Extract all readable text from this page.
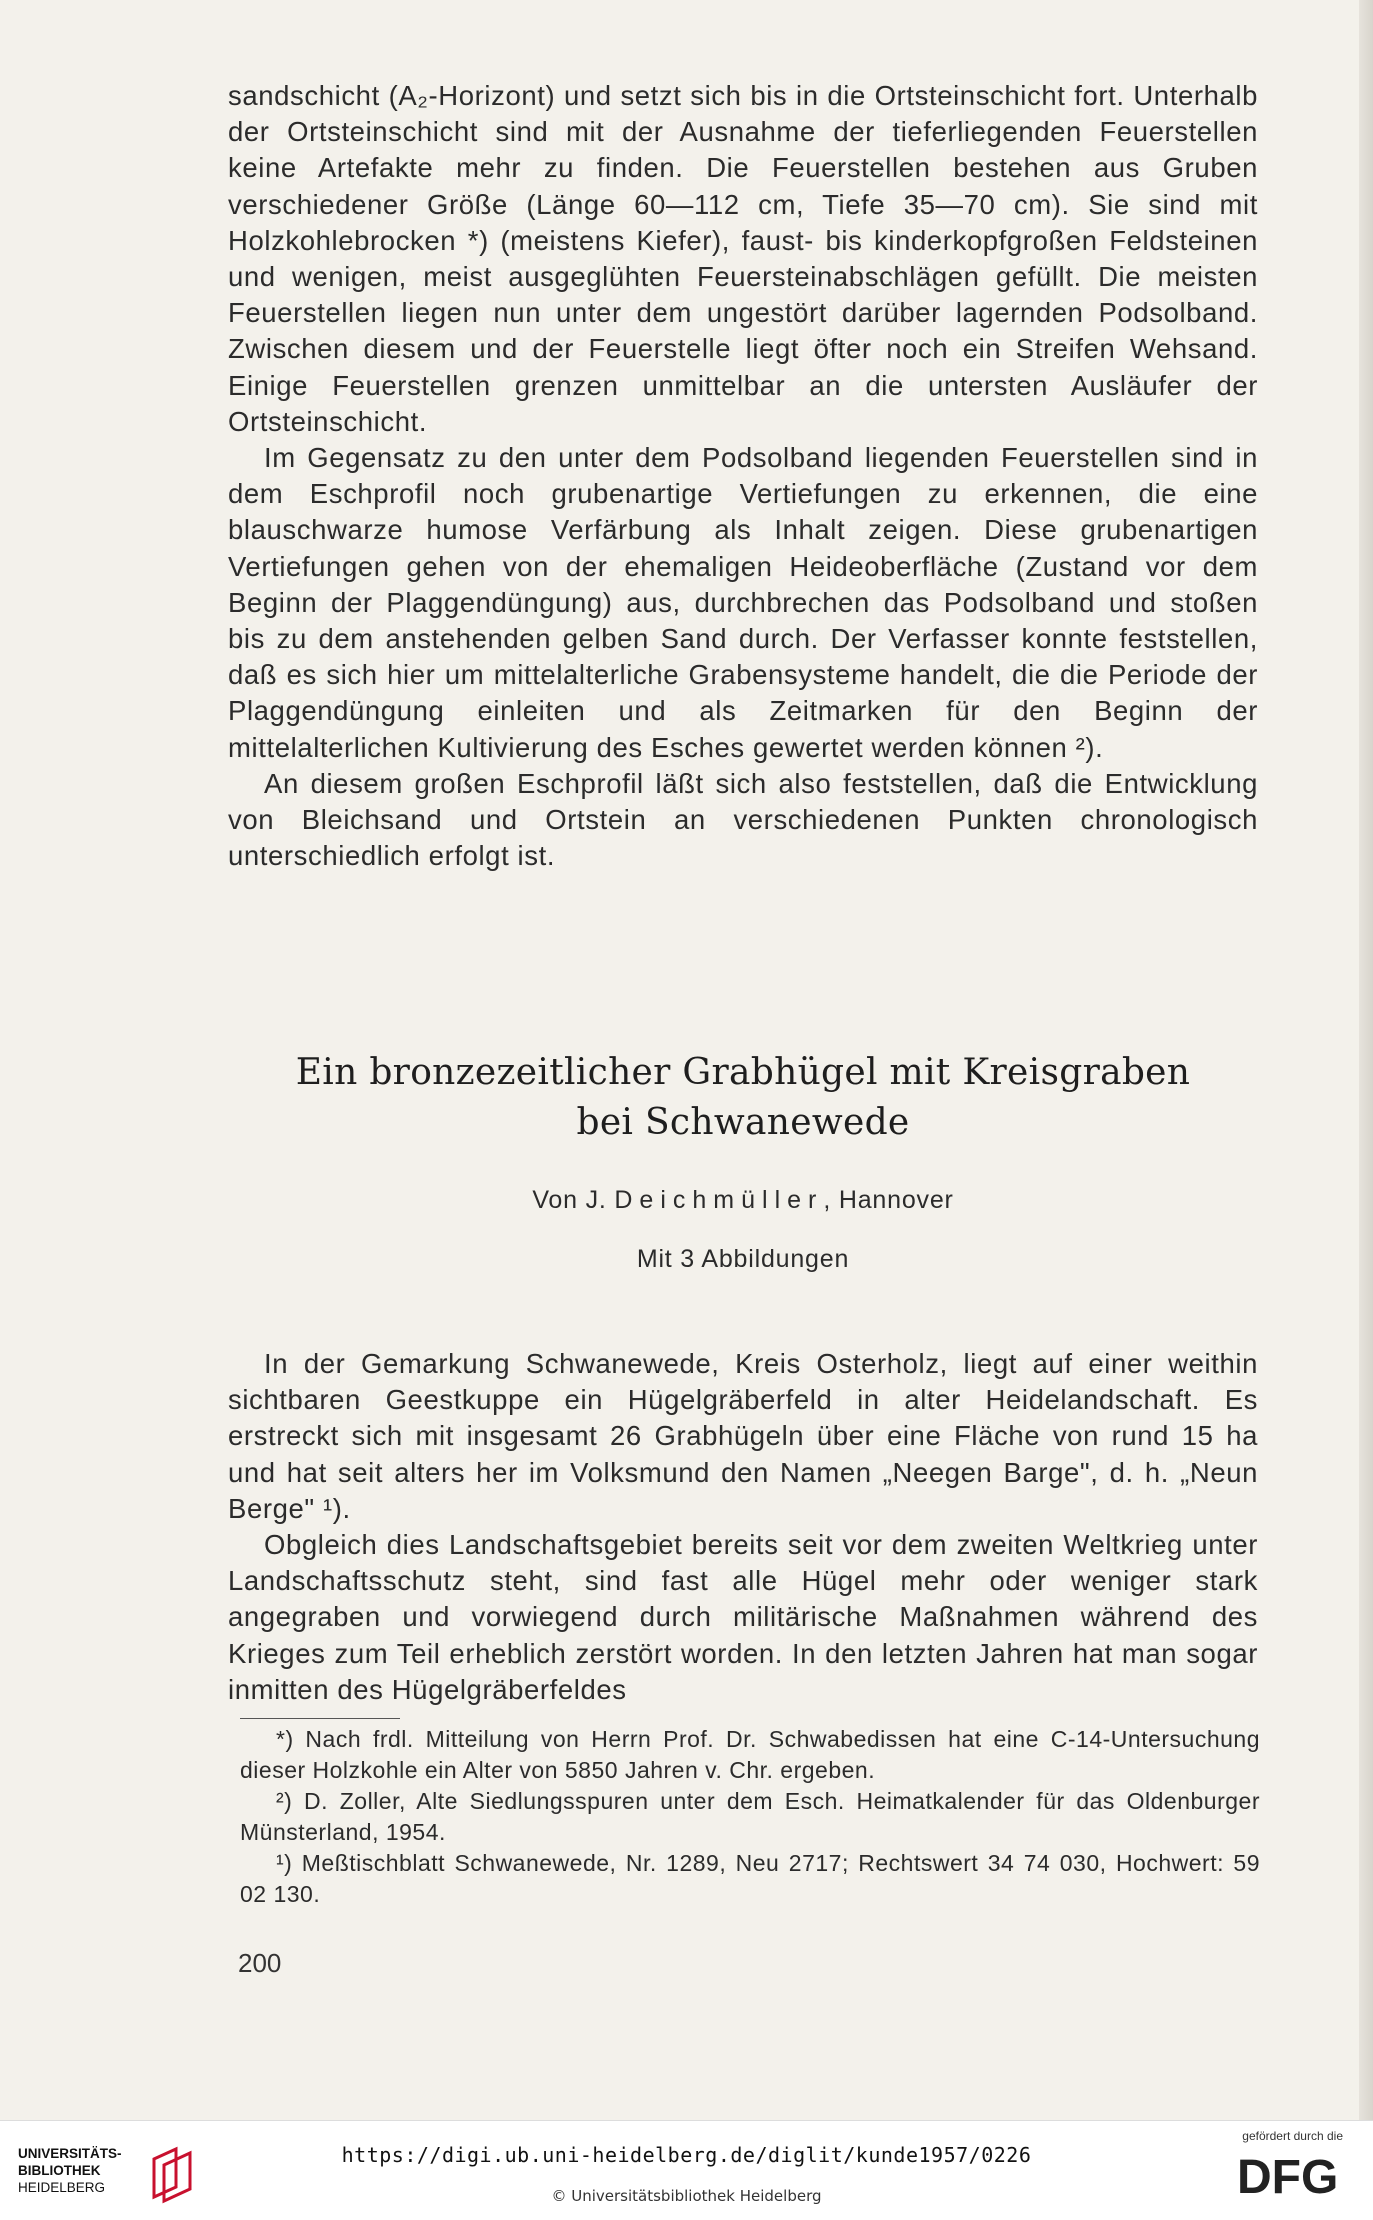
sandschicht (A₂-Horizont) und setzt sich bis in die Ortsteinschicht fort. Unterhalb der Ortsteinschicht sind mit der Ausnahme der tieferliegenden Feuerstellen keine Artefakte mehr zu finden. Die Feuerstellen bestehen aus Gruben verschiedener Größe (Länge 60—112 cm, Tiefe 35—70 cm). Sie sind mit Holzkohlebrocken *) (meistens Kiefer), faust- bis kinderkopfgroßen Feldsteinen und wenigen, meist ausgeglühten Feuersteinabschlägen gefüllt. Die meisten Feuerstellen liegen nun unter dem ungestört darüber lagernden Podsolband. Zwischen diesem und der Feuerstelle liegt öfter noch ein Streifen Wehsand. Einige Feuerstellen grenzen unmittelbar an die untersten Ausläufer der Ortsteinschicht.

Im Gegensatz zu den unter dem Podsolband liegenden Feuerstellen sind in dem Eschprofil noch grubenartige Vertiefungen zu erkennen, die eine blauschwarze humose Verfärbung als Inhalt zeigen. Diese grubenartigen Vertiefungen gehen von der ehemaligen Heideoberfläche (Zustand vor dem Beginn der Plaggendüngung) aus, durchbrechen das Podsolband und stoßen bis zu dem anstehenden gelben Sand durch. Der Verfasser konnte feststellen, daß es sich hier um mittelalterliche Grabensysteme handelt, die die Periode der Plaggendüngung einleiten und als Zeitmarken für den Beginn der mittelalterlichen Kultivierung des Esches gewertet werden können ²).

An diesem großen Eschprofil läßt sich also feststellen, daß die Entwicklung von Bleichsand und Ortstein an verschiedenen Punkten chronologisch unterschiedlich erfolgt ist.

Ein bronzezeitlicher Grabhügel mit Kreisgraben

bei Schwanewede

Von J. Deichmüller, Hannover

Mit 3 Abbildungen

In der Gemarkung Schwanewede, Kreis Osterholz, liegt auf einer weithin sichtbaren Geestkuppe ein Hügelgräberfeld in alter Heidelandschaft. Es erstreckt sich mit insgesamt 26 Grabhügeln über eine Fläche von rund 15 ha und hat seit alters her im Volksmund den Namen „Neegen Barge", d. h. „Neun Berge" ¹).

Obgleich dies Landschaftsgebiet bereits seit vor dem zweiten Weltkrieg unter Landschaftsschutz steht, sind fast alle Hügel mehr oder weniger stark angegraben und vorwiegend durch militärische Maßnahmen während des Krieges zum Teil erheblich zerstört worden. In den letzten Jahren hat man sogar inmitten des Hügelgräberfeldes

*) Nach frdl. Mitteilung von Herrn Prof. Dr. Schwabedissen hat eine C-14-Untersuchung dieser Holzkohle ein Alter von 5850 Jahren v. Chr. ergeben.

²) D. Zoller, Alte Siedlungsspuren unter dem Esch. Heimatkalender für das Oldenburger Münsterland, 1954.

¹) Meßtischblatt Schwanewede, Nr. 1289, Neu 2717; Rechtswert 34 74 030, Hochwert: 59 02 130.

200
UNIVERSITÄTS-
BIBLIOTHEK
HEIDELBERG
https://digi.ub.uni-heidelberg.de/diglit/kunde1957/0226
© Universitätsbibliothek Heidelberg
gefördert durch die
DFG
